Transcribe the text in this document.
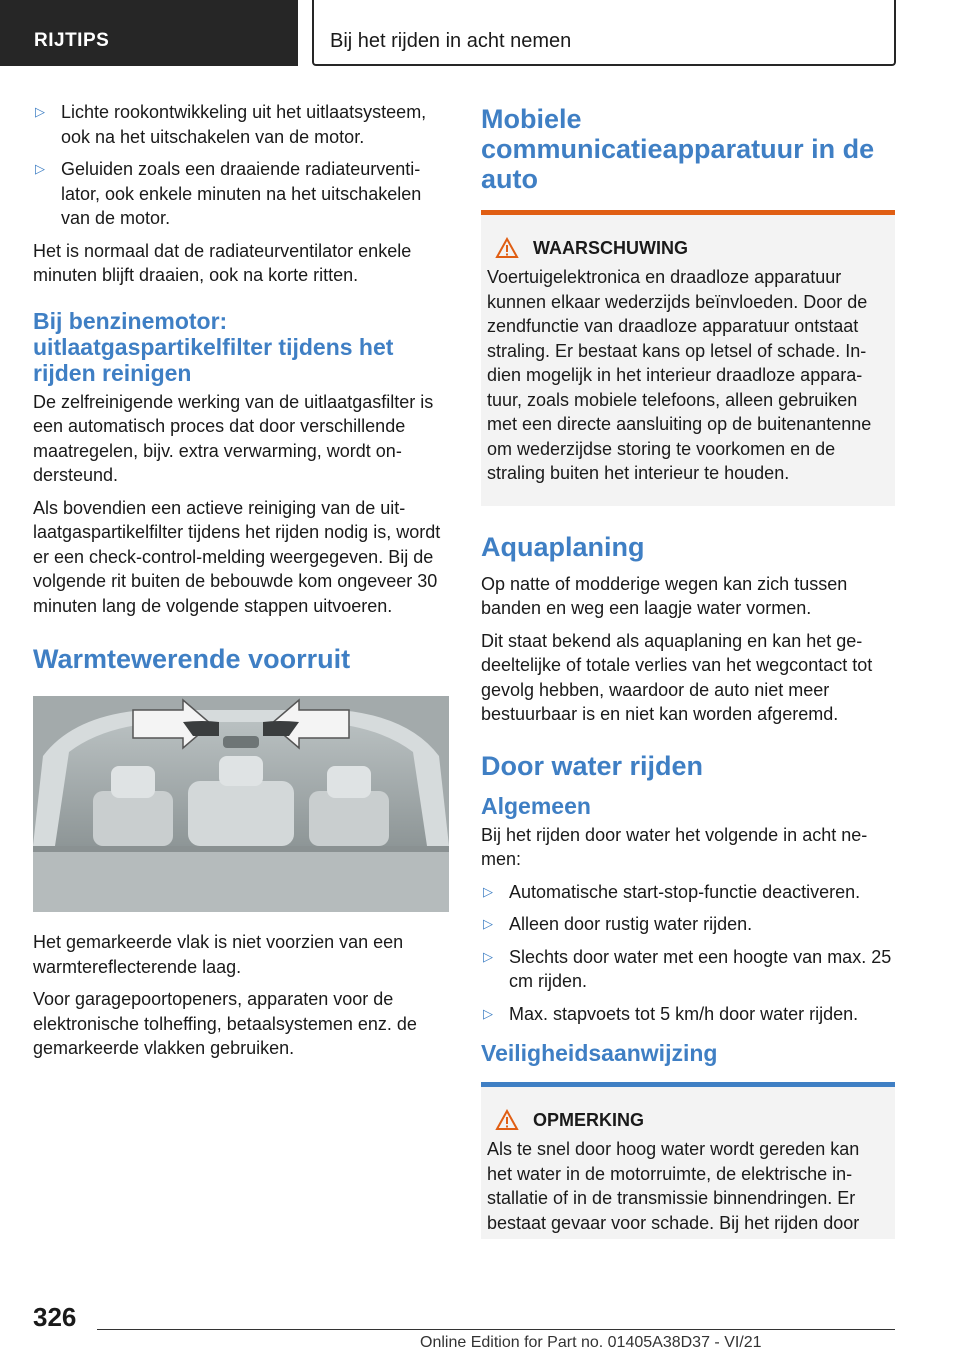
RIJTIPS	Bij het rijden in acht nemen
▷ Lichte rookontwikkeling uit het uitlaatsysteem, ook na het uitschakelen van de motor.
▷ Geluiden zoals een draaiende radiateurventilator, ook enkele minuten na het uitschakelen van de motor.

Het is normaal dat de radiateurventilator enkele minuten blijft draaien, ook na korte ritten.

Bij benzinemotor: uitlaatgaspartikelfilter tijdens het rijden reinigen

De zelfreinigende werking van de uitlaatgasfilter is een automatisch proces dat door verschillende maatregelen, bijv. extra verwarming, wordt ondersteund.

Als bovendien een actieve reiniging van de uitlaatgaspartikelfilter tijdens het rijden nodig is, wordt er een check-control-melding weergegeven. Bij de volgende rit buiten de bebouwde kom ongeveer 30 minuten lang de volgende stappen uitvoeren.

Warmtewerende voorruit

Het gemarkeerde vlak is niet voorzien van een warmtereflecterende laag.

Voor garagepoortopeners, apparaten voor de elektronische tolheffing, betaalsystemen enz. de gemarkeerde vlakken gebruiken.

Mobiele communicatieapparatuur in de auto
WAARSCHUWING

Voertuigelektronica en draadloze apparatuur kunnen elkaar wederzijds beïnvloeden. Door de zendfunctie van draadloze apparatuur ontstaat straling. Er bestaat kans op letsel of schade. Indien mogelijk in het interieur draadloze apparatuur, zoals mobiele telefoons, alleen gebruiken met een directe aansluiting op de buitenantenne om wederzijdse storing te voorkomen en de straling buiten het interieur te houden.

Aquaplaning

Op natte of modderige wegen kan zich tussen banden en weg een laagje water vormen.

Dit staat bekend als aquaplaning en kan het gedeeltelijke of totale verlies van het wegcontact tot gevolg hebben, waardoor de auto niet meer bestuurbaar is en niet kan worden afgeremd.

Door water rijden
Algemeen

Bij het rijden door water het volgende in acht nemen:

▷ Automatische start-stop-functie deactiveren.
▷ Alleen door rustig water rijden.
▷ Slechts door water met een hoogte van max. 25 cm rijden.
▷ Max. stapvoets tot 5 km/h door water rijden.
Veiligheidsaanwijzing
OPMERKING

Als te snel door hoog water wordt gereden kan het water in de motorruimte, de elektrische installatie of in de transmissie binnendringen. Er bestaat gevaar voor schade. Bij het rijden door

326
Online Edition for Part no. 01405A38D37 - VI/21
